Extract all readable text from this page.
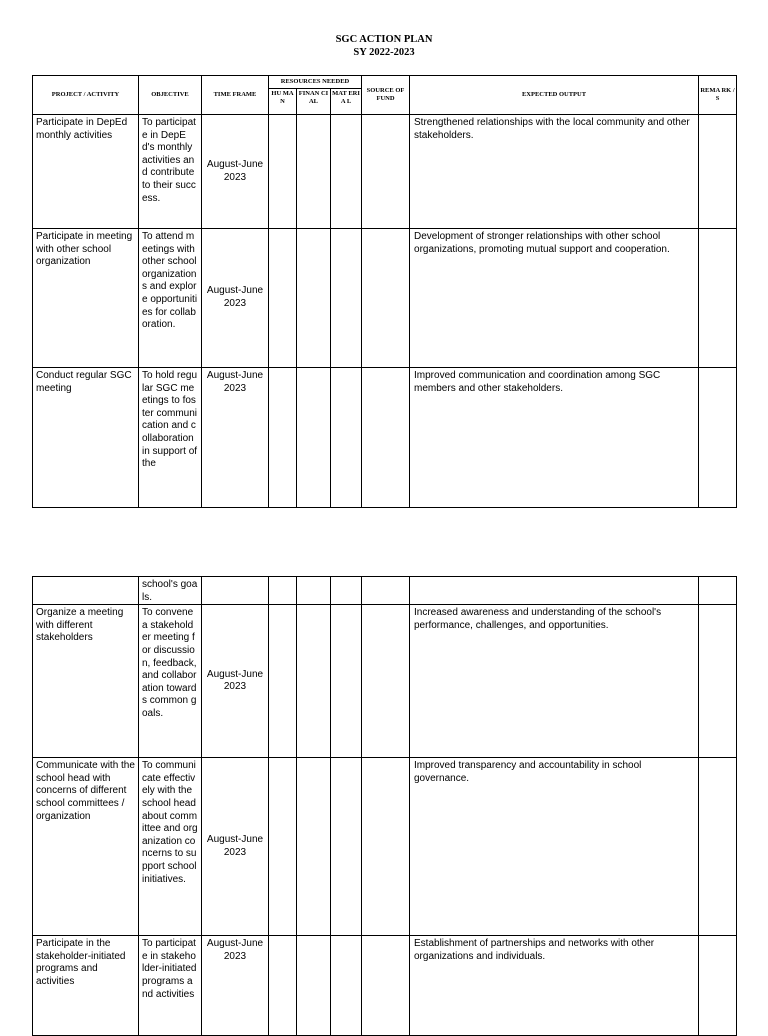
SGC ACTION PLAN
SY 2022-2023
PROJECT / ACTIVITY	OBJECTIVE	TIME FRAME	RESOURCES NEEDED			SOURCE OF FUND	EXPECTED OUTPUT	REMA RK / S
			HU MA N	FINAN CIAL	MAT ERIA L			
Participate in DepEd monthly activities	To participate in DepEd's monthly activities and contribute to their success.	August-June 2023					Strengthened relationships with the local community and other stakeholders.	
Participate in meeting with other school organization	To attend meetings with other school organizations and explore opportunities for collaboration.	August-June 2023					Development of stronger relationships with other school organizations, promoting mutual support and cooperation.	
Conduct regular SGC meeting	To hold regular SGC meetings to foster communication and collaboration in support of the	August-June 2023					Improved communication and coordination among SGC members and other stakeholders.	
	school's goals.							
Organize a meeting with different stakeholders	To convene a stakeholder meeting for discussion, feedback, and collaboration towards common goals.	August-June 2023					Increased awareness and understanding of the school's performance, challenges, and opportunities.	
Communicate with the school head with concerns of different school committees / organization	To communicate effectively with the school head about committee and organization concerns to support school initiatives.	August-June 2023					Improved transparency and accountability in school governance.	
Participate in the stakeholder-initiated programs and activities	To participate in stakeholder-initiated programs and activities	August-June 2023					Establishment of partnerships and networks with other organizations and individuals.	
